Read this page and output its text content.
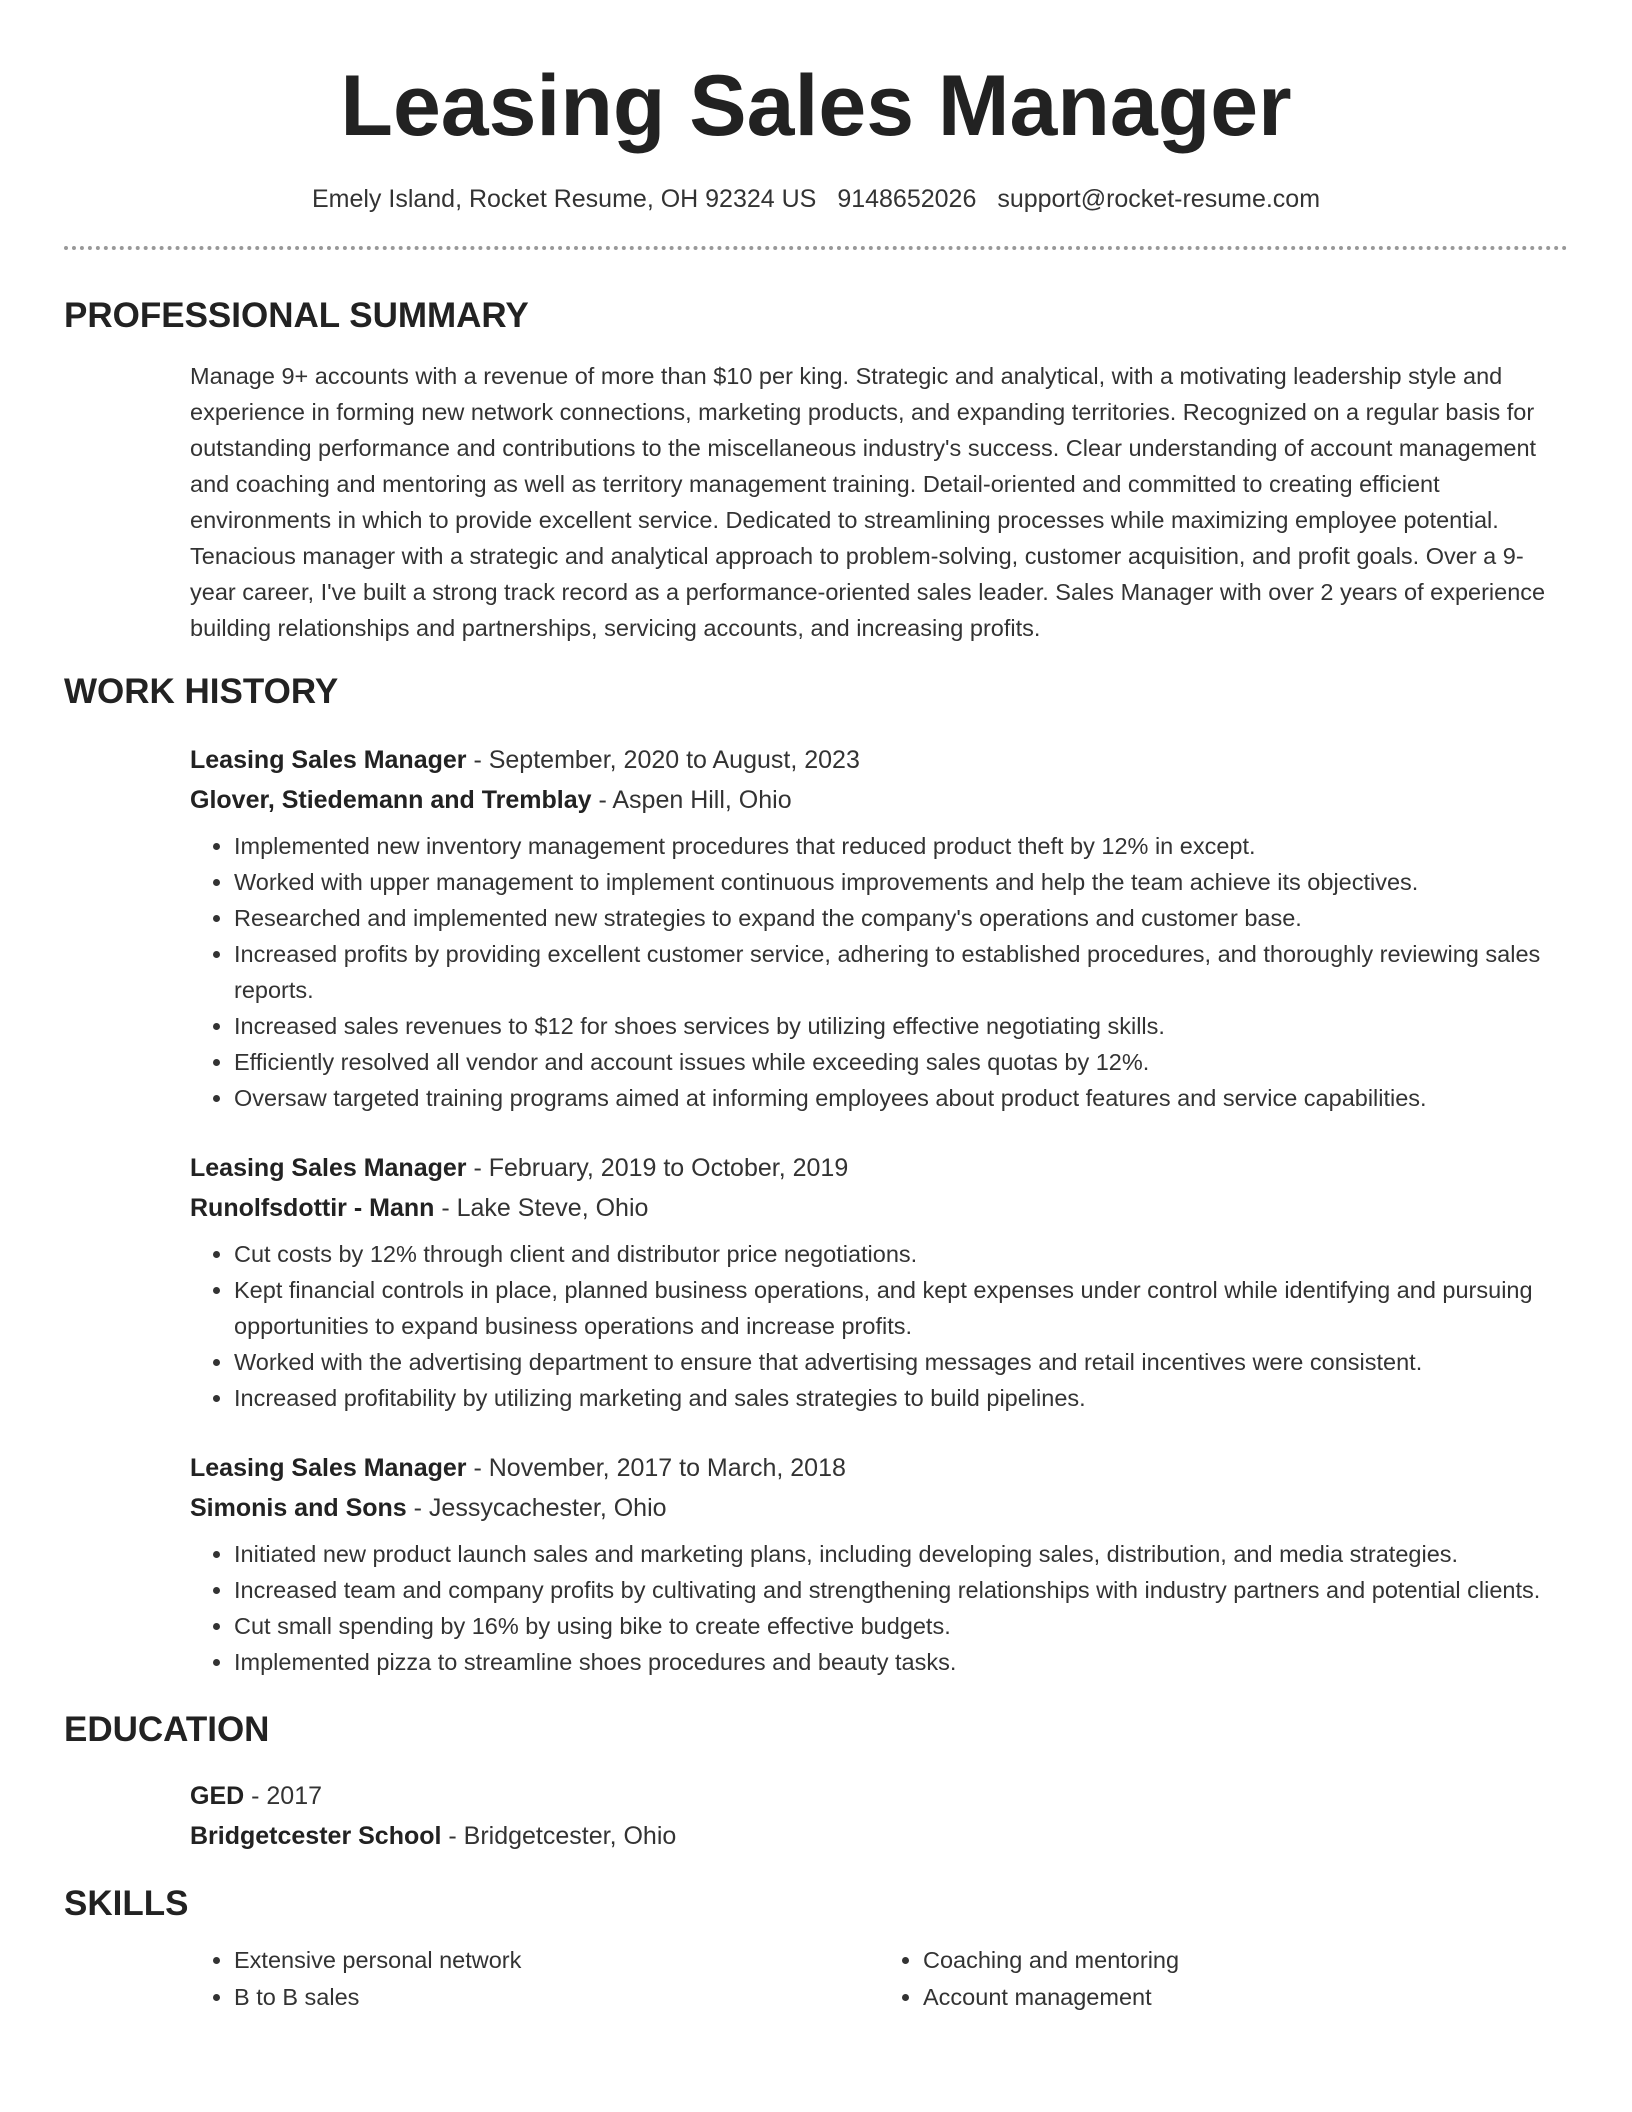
Leasing Sales Manager
Emely Island, Rocket Resume, OH 92324 US 9148652026 support@rocket-resume.com
PROFESSIONAL SUMMARY
Manage 9+ accounts with a revenue of more than $10 per king. Strategic and analytical, with a motivating leadership style and experience in forming new network connections, marketing products, and expanding territories. Recognized on a regular basis for outstanding performance and contributions to the miscellaneous industry's success. Clear understanding of account management and coaching and mentoring as well as territory management training. Detail-oriented and committed to creating efficient environments in which to provide excellent service. Dedicated to streamlining processes while maximizing employee potential. Tenacious manager with a strategic and analytical approach to problem-solving, customer acquisition, and profit goals. Over a 9-year career, I've built a strong track record as a performance-oriented sales leader. Sales Manager with over 2 years of experience building relationships and partnerships, servicing accounts, and increasing profits.
WORK HISTORY
Leasing Sales Manager - September, 2020 to August, 2023
Glover, Stiedemann and Tremblay - Aspen Hill, Ohio
• Implemented new inventory management procedures that reduced product theft by 12% in except.
• Worked with upper management to implement continuous improvements and help the team achieve its objectives.
• Researched and implemented new strategies to expand the company's operations and customer base.
• Increased profits by providing excellent customer service, adhering to established procedures, and thoroughly reviewing sales reports.
• Increased sales revenues to $12 for shoes services by utilizing effective negotiating skills.
• Efficiently resolved all vendor and account issues while exceeding sales quotas by 12%.
• Oversaw targeted training programs aimed at informing employees about product features and service capabilities.
Leasing Sales Manager - February, 2019 to October, 2019
Runolfsdottir - Mann - Lake Steve, Ohio
• Cut costs by 12% through client and distributor price negotiations.
• Kept financial controls in place, planned business operations, and kept expenses under control while identifying and pursuing opportunities to expand business operations and increase profits.
• Worked with the advertising department to ensure that advertising messages and retail incentives were consistent.
• Increased profitability by utilizing marketing and sales strategies to build pipelines.
Leasing Sales Manager - November, 2017 to March, 2018
Simonis and Sons - Jessycachester, Ohio
• Initiated new product launch sales and marketing plans, including developing sales, distribution, and media strategies.
• Increased team and company profits by cultivating and strengthening relationships with industry partners and potential clients.
• Cut small spending by 16% by using bike to create effective budgets.
• Implemented pizza to streamline shoes procedures and beauty tasks.
EDUCATION
GED - 2017
Bridgetcester School - Bridgetcester, Ohio
SKILLS
• Extensive personal network
• B to B sales
• Coaching and mentoring
• Account management
